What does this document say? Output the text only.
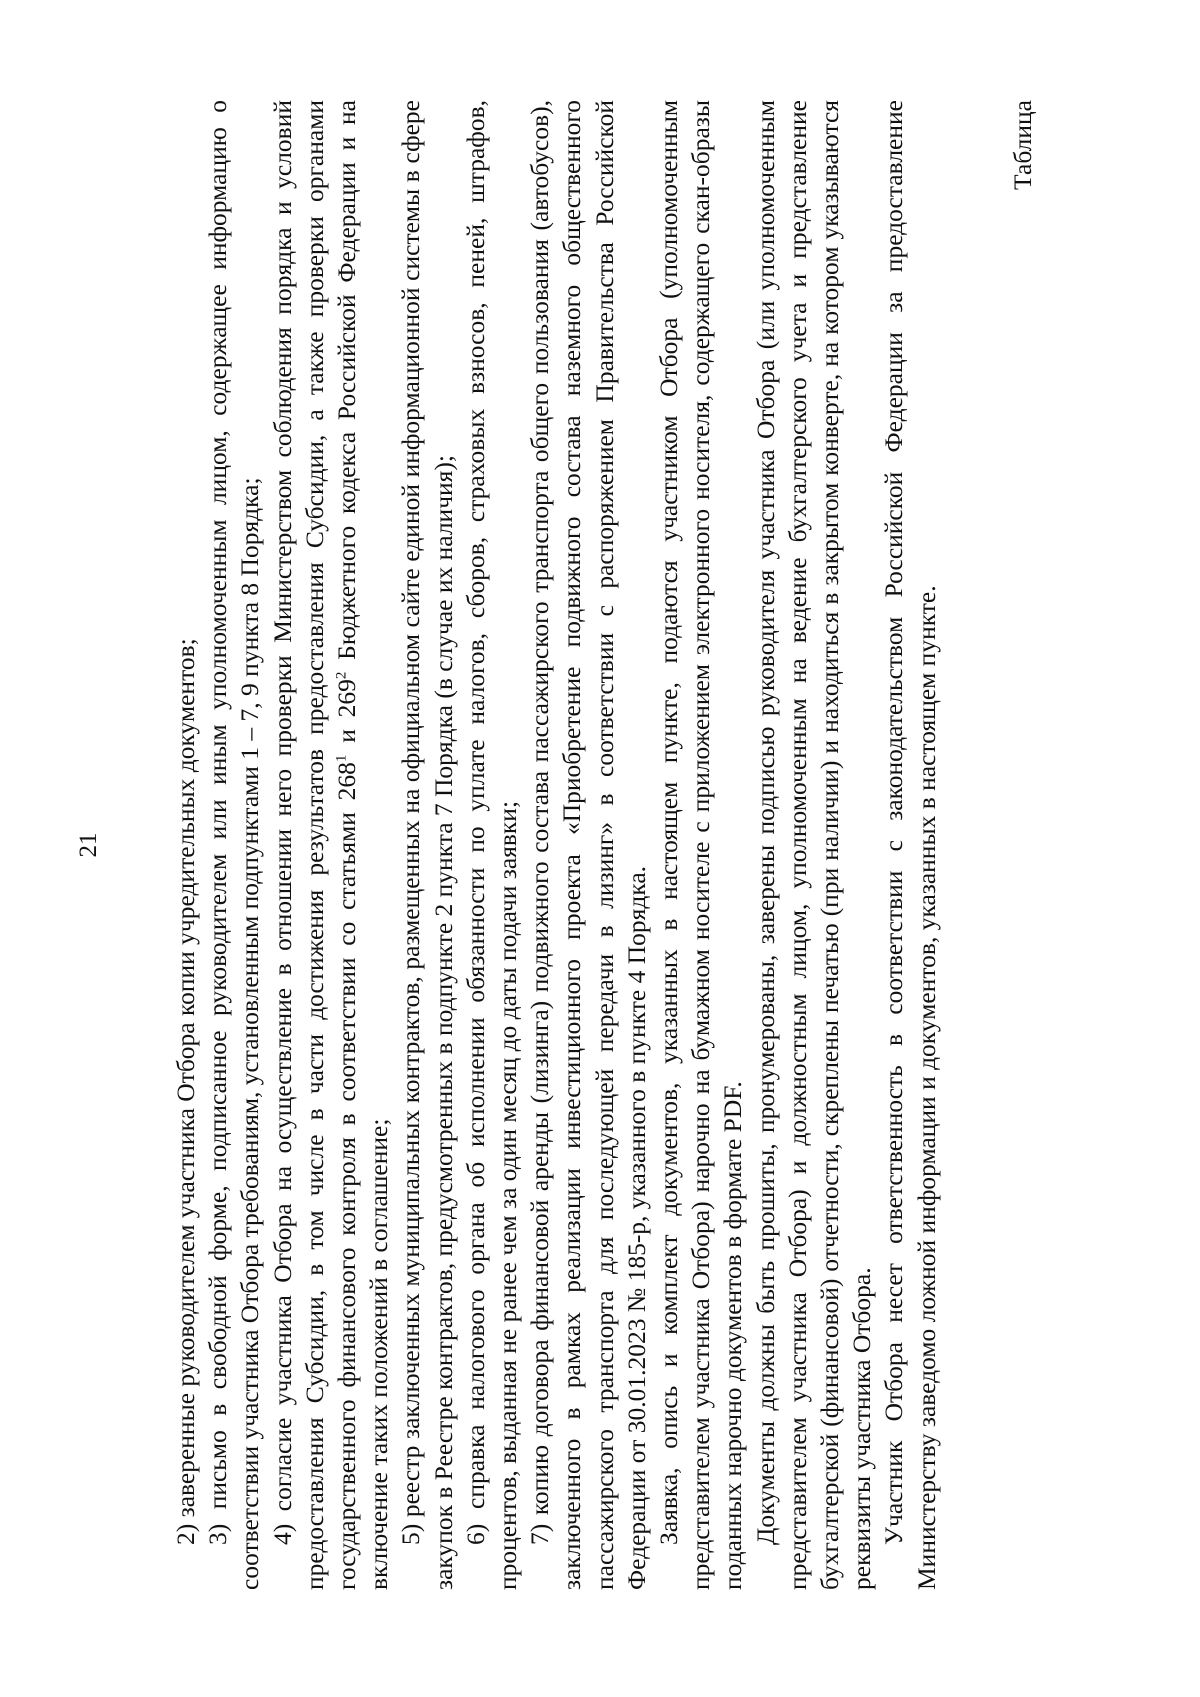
21	2) заверенные руководителем участника Отбора копии учредительных документов; 3) письмо в свободной форме, подписанное руководителем или иным уполномоченным лицом, содержащее информацию о соответствии участника Отбора требованиям, установленным подпунктами 1 – 7, 9 пункта 8 Порядка; 4) согласие участника Отбора на осуществление в отношении него проверки Министерством соблюдения порядка и условий предоставления Субсидии, в том числе в части достижения результатов предоставления Субсидии, а также проверки органами государственного финансового контроля в соответствии со статьями $268^1$ и $269^2$ Бюджетного кодекса Российской Федерации и на включение таких положений в соглашение; 5) реестр заключенных муниципальных контрактов, размещенных на официальном сайте единой информационной системы в сфере закупок в Реестре контрактов, предусмотренных в подпункте 2 пункта 7 Порядка (в случае их наличия); 6) справка налогового органа об исполнении обязанности по уплате налогов, сборов, страховых взносов, пеней, штрафов, процентов, выданная не ранее чем за один месяц до даты подачи заявки; 7) копию договора финансовой аренды (лизинга) подвижного состава пассажирского транспорта общего пользования (автобусов), заключенного в рамках реализации инвестиционного проекта «Приобретение подвижного состава наземного общественного пассажирского транспорта для последующей передачи в лизинг» в соответствии с распоряжением Правительства Российской Федерации от 30.01.2023 № 185-р, указанного в пункте 4 Порядка. Заявка, опись и комплект документов, указанных в настоящем пункте, подаются участником Отбора (уполномоченным представителем участника Отбора) нарочно на бумажном носителе с приложением электронного носителя, содержащего скан-образы поданных нарочно документов в формате PDF. Документы должны быть прошиты, пронумерованы, заверены подписью руководителя участника Отбора (или уполномоченным представителем участника Отбора) и должностным лицом, уполномоченным на ведение бухгалтерского учета и представление бухгалтерской (финансовой) отчетности, скреплены печатью (при наличии) и находиться в закрытом конверте, на котором указываются реквизиты участника Отбора. Участник Отбора несет ответственность в соответствии с законодательством Российской Федерации за предоставление Министерству заведомо ложной информации и документов, указанных в настоящем пункте.

Таблица
